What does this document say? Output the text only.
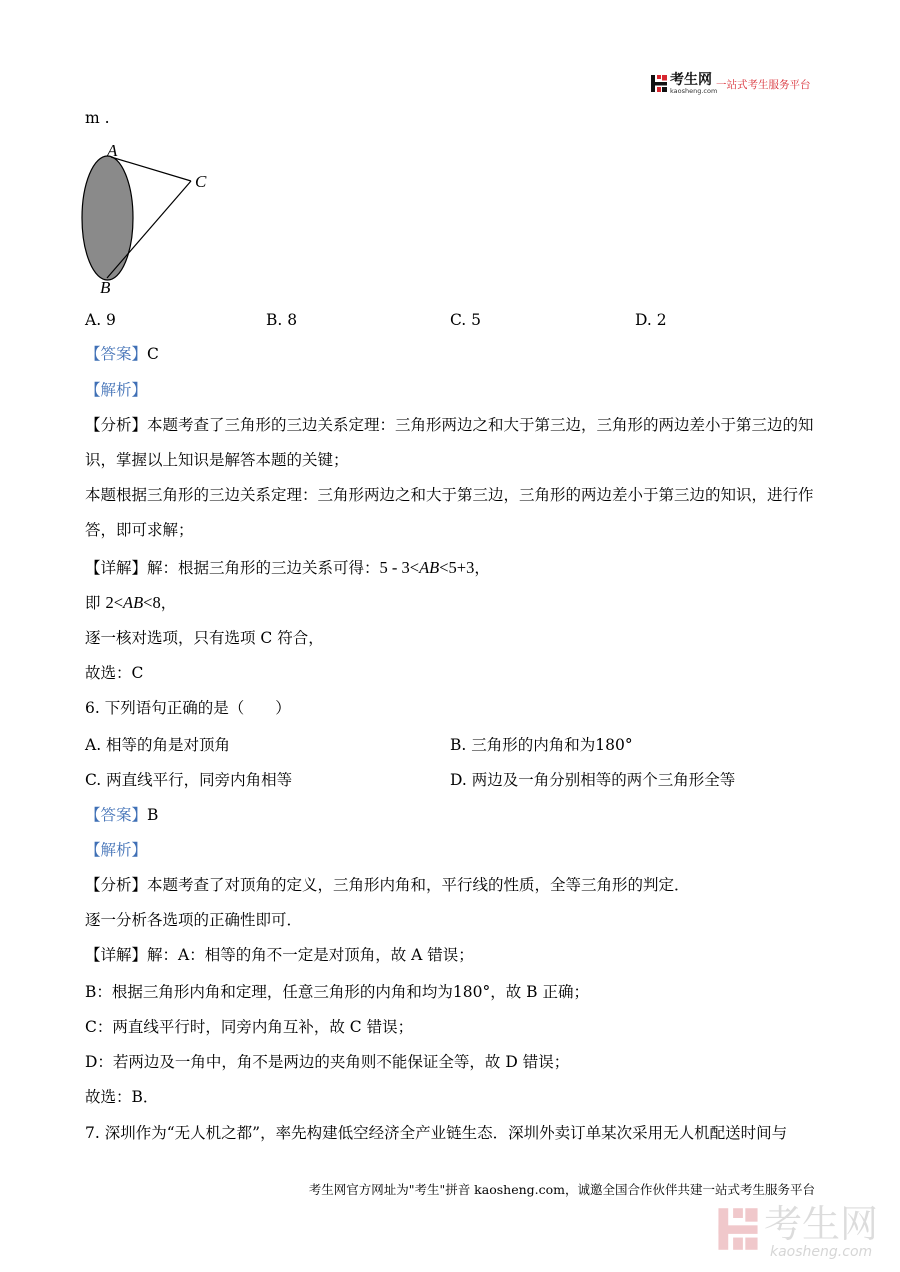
考生网
kaosheng.com
一站式考生服务平台
m .
A
C
B
A. 9	B. 8	C. 5	D. 2
【答案】C
【解析】
【分析】本题考查了三角形的三边关系定理：三角形两边之和大于第三边，三角形的两边差小于第三边的知
识，掌握以上知识是解答本题的关键；
本题根据三角形的三边关系定理：三角形两边之和大于第三边，三角形的两边差小于第三边的知识，进行作
答，即可求解；
【详解】解：根据三角形的三边关系可得：5 - 3<AB<5+3，
即 2<AB<8，
逐一核对选项，只有选项 C 符合，
故选：C
6. 下列语句正确的是（　　）
A. 相等的角是对顶角	B. 三角形的内角和为180°
C. 两直线平行，同旁内角相等	D. 两边及一角分别相等的两个三角形全等
【答案】B
【解析】
【分析】本题考查了对顶角的定义，三角形内角和，平行线的性质，全等三角形的判定．
逐一分析各选项的正确性即可．
【详解】解：A：相等的角不一定是对顶角，故 A 错误；
B：根据三角形内角和定理，任意三角形的内角和均为180°，故 B 正确；
C：两直线平行时，同旁内角互补，故 C 错误；
D：若两边及一角中，角不是两边的夹角则不能保证全等，故 D 错误；
故选：B．
7. 深圳作为“无人机之都”，率先构建低空经济全产业链生态．深圳外卖订单某次采用无人机配送时间与
考生网官方网址为"考生"拼音 kaosheng.com，诚邀全国合作伙伴共建一站式考生服务平台
考生网
kaosheng.com
